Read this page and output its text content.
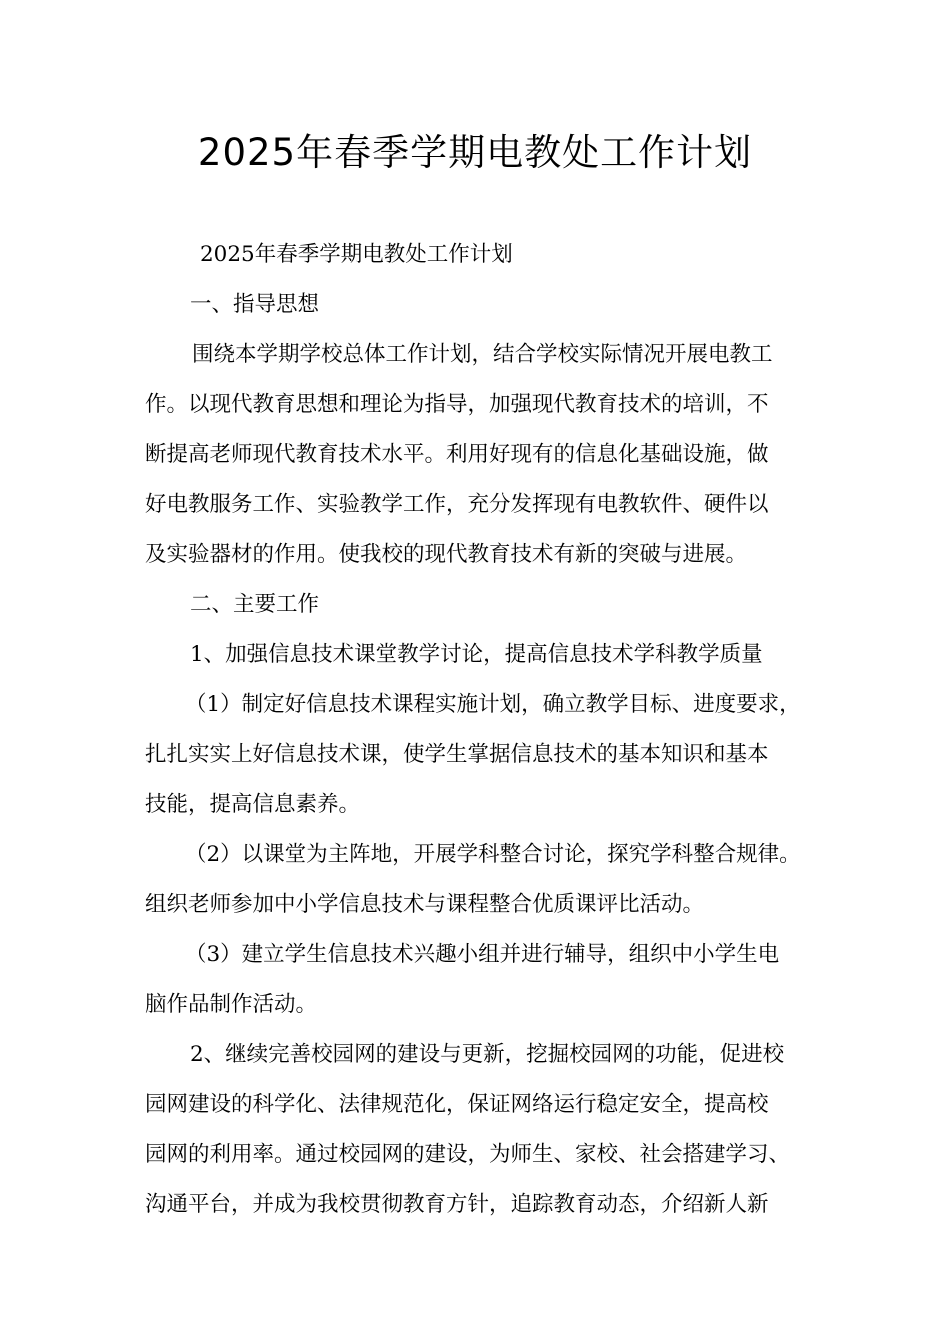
2025年春季学期电教处工作计划
2025年春季学期电教处工作计划
一、指导思想
围绕本学期学校总体工作计划，结合学校实际情况开展电教工
作。以现代教育思想和理论为指导，加强现代教育技术的培训，不
断提高老师现代教育技术水平。利用好现有的信息化基础设施，做
好电教服务工作、实验教学工作，充分发挥现有电教软件、硬件以
及实验器材的作用。使我校的现代教育技术有新的突破与进展。
二、主要工作
1、加强信息技术课堂教学讨论，提高信息技术学科教学质量
（1）制定好信息技术课程实施计划，确立教学目标、进度要求，
扎扎实实上好信息技术课，使学生掌据信息技术的基本知识和基本
技能，提高信息素养。
（2）以课堂为主阵地，开展学科整合讨论，探究学科整合规律。
组织老师参加中小学信息技术与课程整合优质课评比活动。
（3）建立学生信息技术兴趣小组并进行辅导，组织中小学生电
脑作品制作活动。
2、继续完善校园网的建设与更新，挖掘校园网的功能，促进校
园网建设的科学化、法律规范化，保证网络运行稳定安全，提高校
园网的利用率。通过校园网的建设，为师生、家校、社会搭建学习、
沟通平台，并成为我校贯彻教育方针，追踪教育动态，介绍新人新
